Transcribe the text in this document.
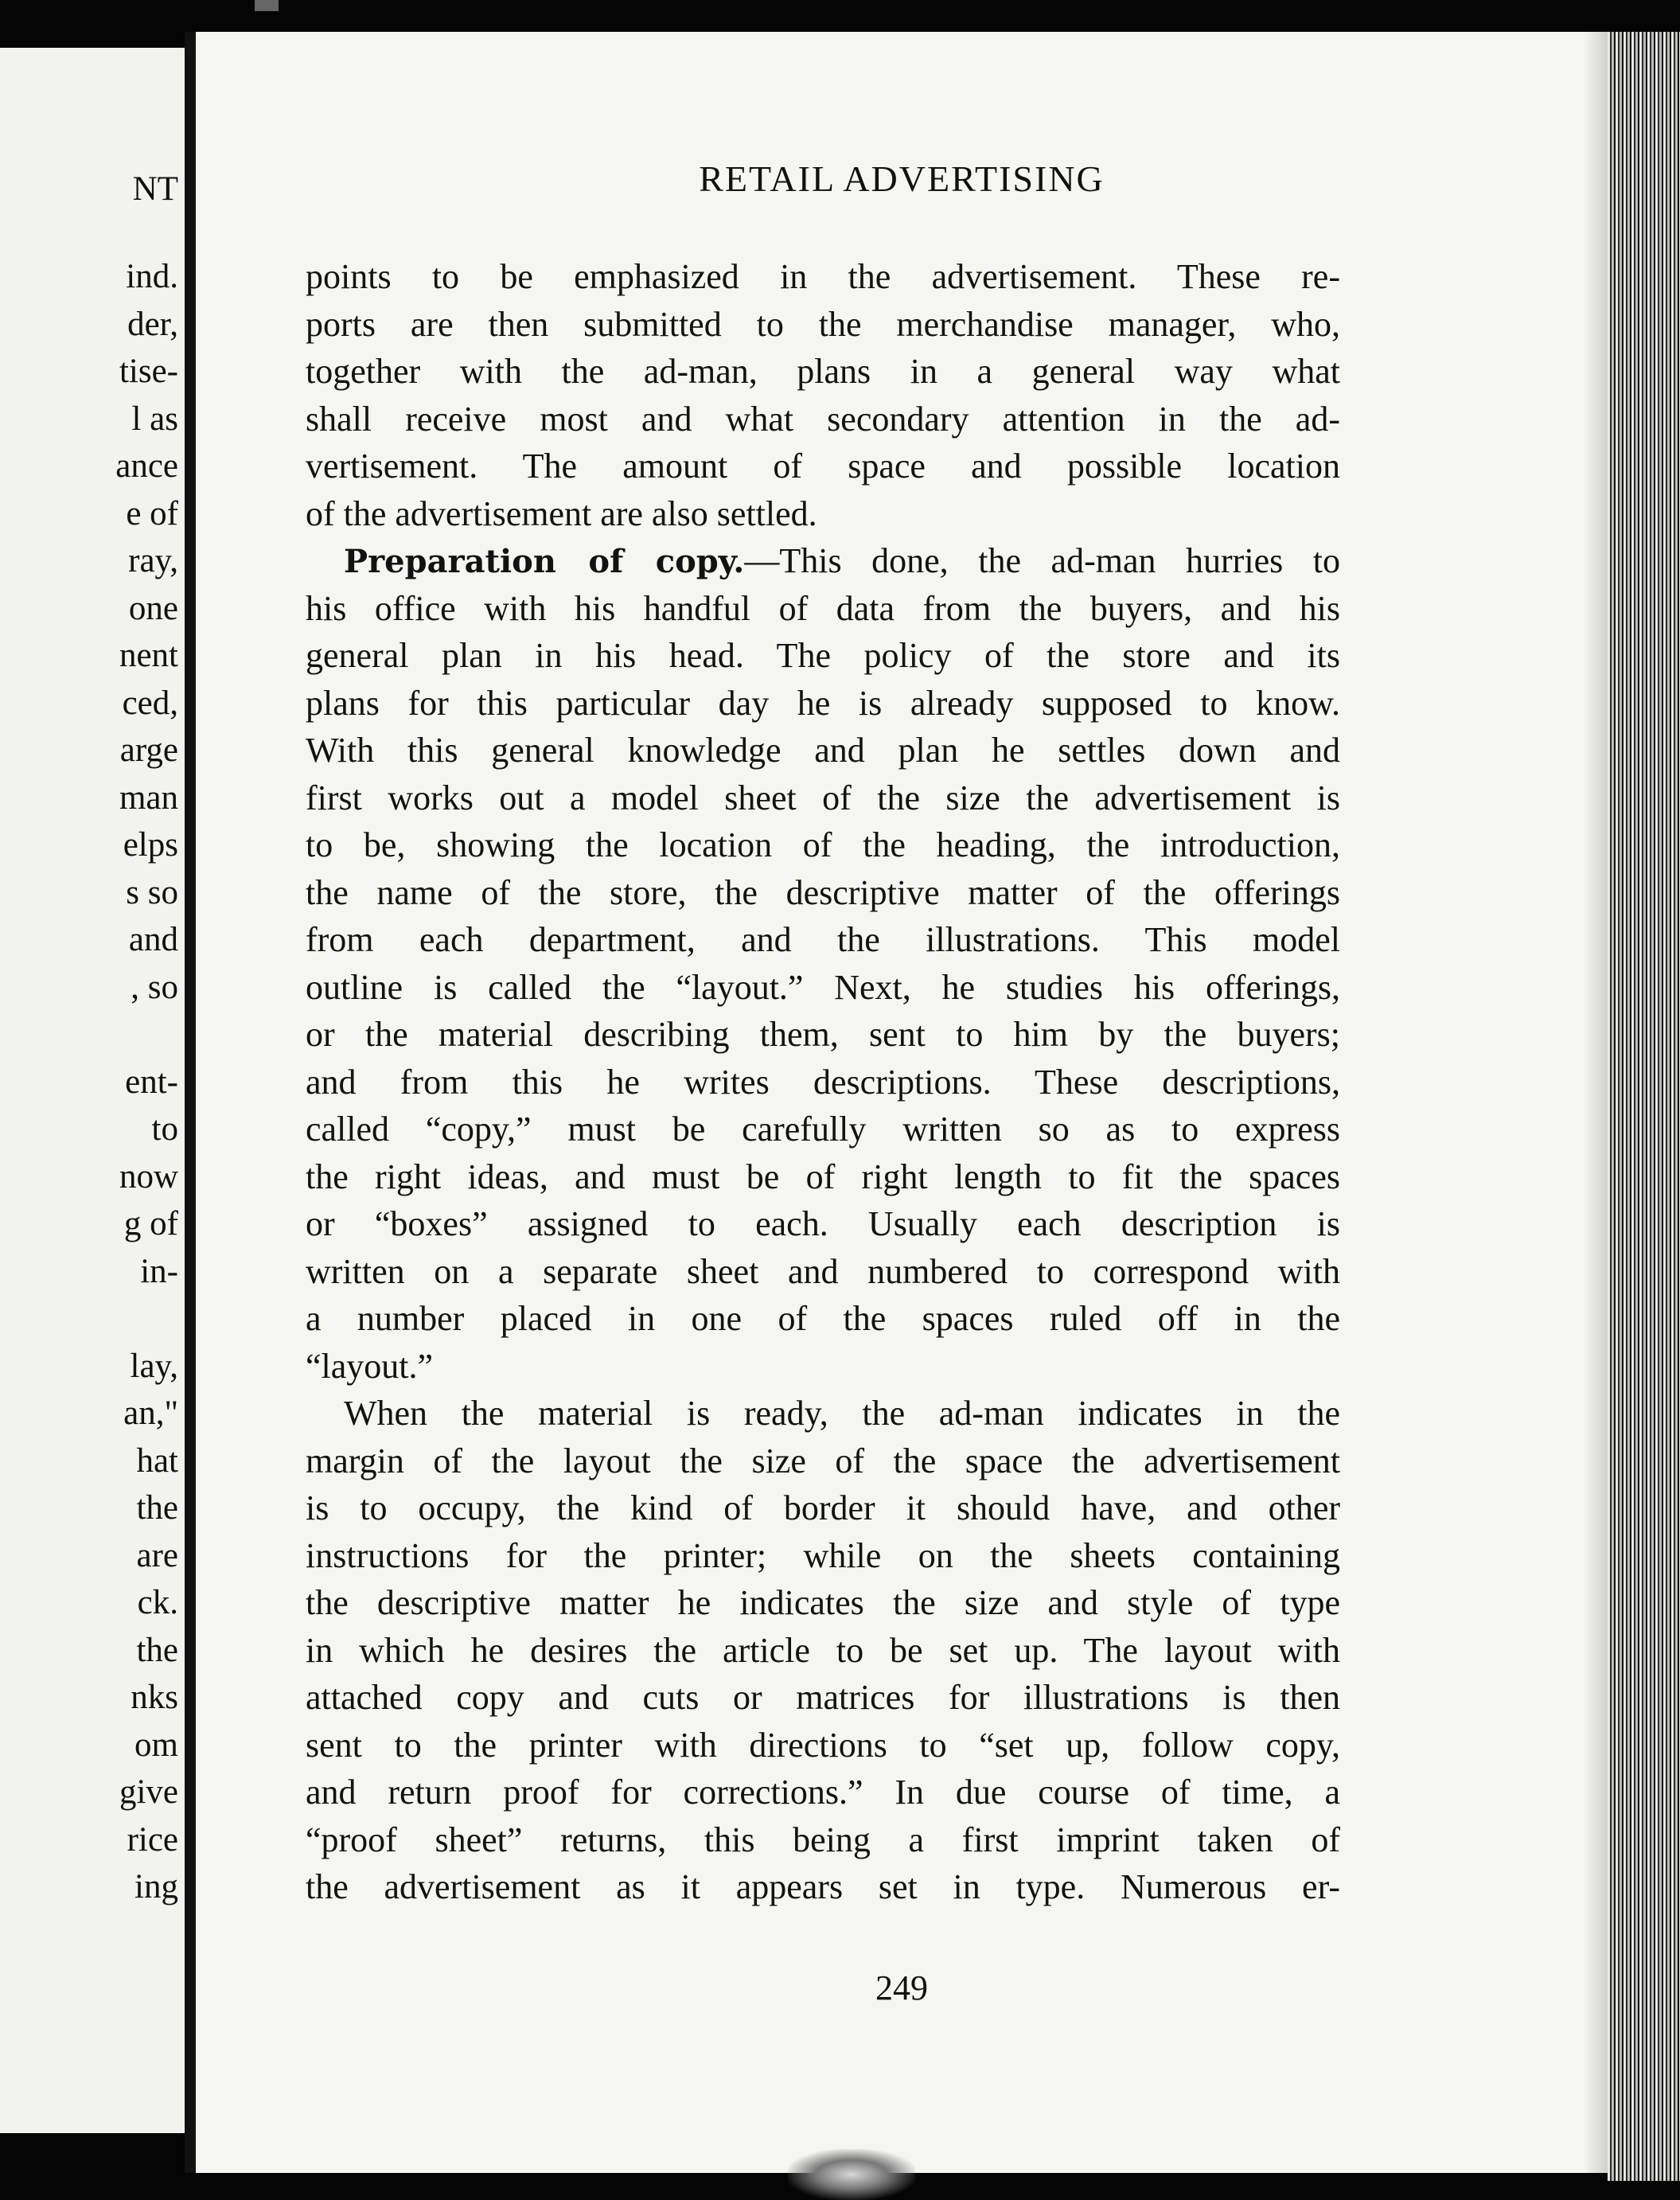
NT
ind.
der,
tise-
l as
ance
e of
ray,
one
nent
ced,
arge
man
elps
s so
and
, so
ent-
to
now
g of
in-
lay,
an,"
hat
the
are
ck.
the
nks
om
give
rice
ing
RETAIL ADVERTISING
249
points to be emphasized in the advertisement. These re-
ports are then submitted to the merchandise manager, who,
together with the ad-man, plans in a general way what
shall receive most and what secondary attention in the ad-
vertisement. The amount of space and possible location
of the advertisement are also settled.
Preparation of copy.—This done, the ad-man hurries to
his office with his handful of data from the buyers, and his
general plan in his head. The policy of the store and its
plans for this particular day he is already supposed to know.
With this general knowledge and plan he settles down and
first works out a model sheet of the size the advertisement is
to be, showing the location of the heading, the introduction,
the name of the store, the descriptive matter of the offerings
from each department, and the illustrations. This model
outline is called the “layout.” Next, he studies his offerings,
or the material describing them, sent to him by the buyers;
and from this he writes descriptions. These descriptions,
called “copy,” must be carefully written so as to express
the right ideas, and must be of right length to fit the spaces
or “boxes” assigned to each. Usually each description is
written on a separate sheet and numbered to correspond with
a number placed in one of the spaces ruled off in the
“layout.”
When the material is ready, the ad-man indicates in the
margin of the layout the size of the space the advertisement
is to occupy, the kind of border it should have, and other
instructions for the printer; while on the sheets containing
the descriptive matter he indicates the size and style of type
in which he desires the article to be set up. The layout with
attached copy and cuts or matrices for illustrations is then
sent to the printer with directions to “set up, follow copy,
and return proof for corrections.” In due course of time, a
“proof sheet” returns, this being a first imprint taken of
the advertisement as it appears set in type. Numerous er-
